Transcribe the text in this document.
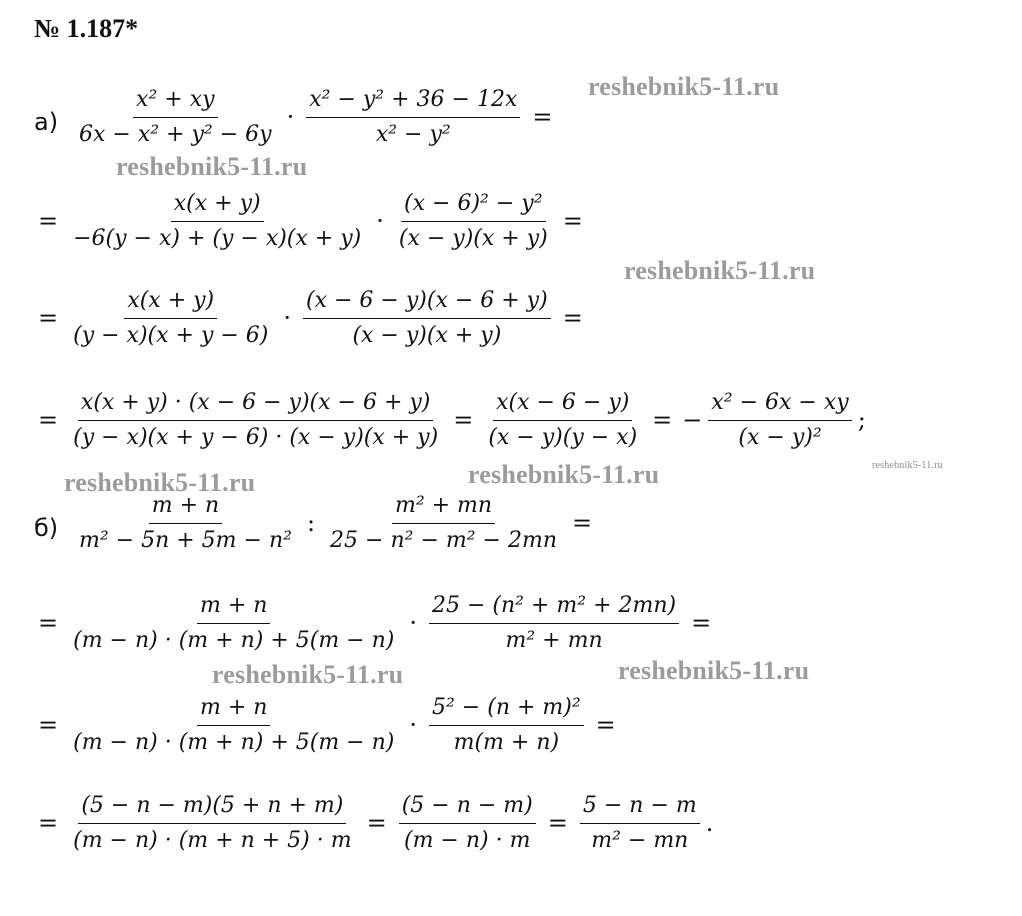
№ 1.187*
$а) \frac{\text{x² + xy}}{\text{6x − x² + y² − 6y}} \cdot \frac{\text{x² − y² + 36 − 12x}}{\text{x² − y²}}$ =
= $\frac{x(x + y)}{-6(y - x) + (y - x)(x + y)} \cdot \frac{\text{(x − 6)² − y²}}{(x - y)(x + y)}$ =
= $\frac{x(x + y)}{(y - x)(x + y - 6)} \cdot \frac{(x - 6 - y)(x - 6 + y)}{(x - y)(x + y)}$ =
= $\frac{x(x + y) \cdot (x - 6 - y)(x - 6 + y)}{(y - x)(x + y - 6) \cdot (x - y)(x + y)} = \frac{x(x - 6 - y)}{(x - y)(y - x)}$ = − $\frac{\text{x² − 6x − xy}}{\text{(x − y)²}}$ ;
$б) \frac{m + n}{\text{m² − 5n + 5m − n²}}$ : $\frac{\text{m² + mn}}{\text{25 − n² − m² − 2mn}}$ =
= $\frac{m + n}{(m - n) \cdot (m + n) + 5(m - n)} \cdot \frac{\text{25 − (n² + m² + 2mn)}}{\text{m² + mn}}$ =
= $\frac{m + n}{(m - n) \cdot (m + n) + 5(m - n)} \cdot \frac{\text{5² − (n + m)²}}{m(m + n)}$ =
= $\frac{(5 - n - m)(5 + n + m)}{(m - n) \cdot (m + n + 5) \cdot m} = \frac{(5 - n - m)}{(m - n) \cdot m} = \frac{5 - n - m}{\text{m² − mn}}$ .
reshebnik5-11.ru
reshebnik5-11.ru
reshebnik5-11.ru
reshebnik5-11.ru	reshebnik5-11.ru	reshebnik5-11.ru
reshebnik5-11.ru	reshebnik5-11.ru
